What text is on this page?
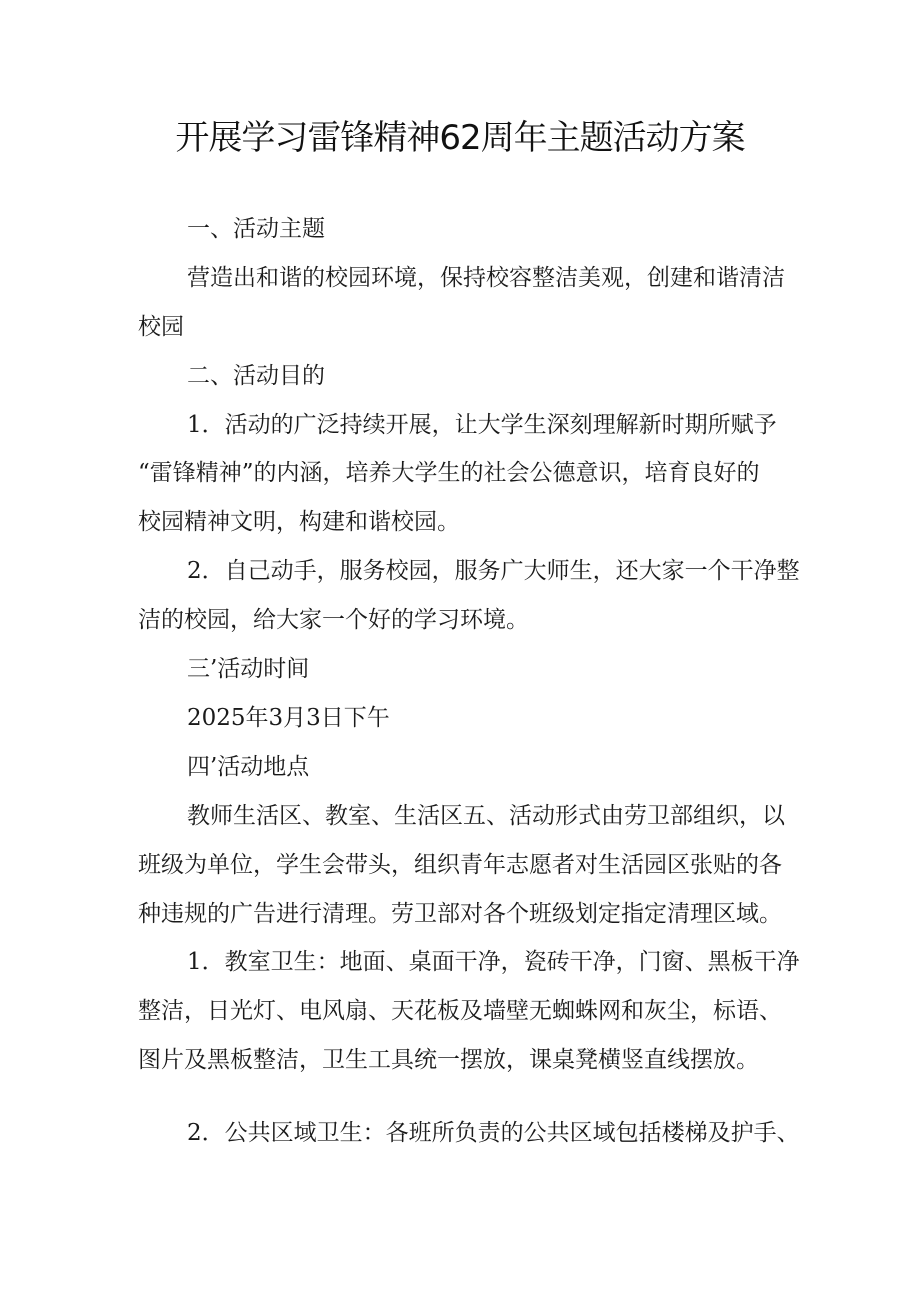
开展学习雷锋精神62周年主题活动方案
一、活动主题
营造出和谐的校园环境，保持校容整洁美观，创建和谐清洁
校园
二、活动目的
1．活动的广泛持续开展，让大学生深刻理解新时期所赋予
“雷锋精神”的内涵，培养大学生的社会公德意识，培育良好的
校园精神文明，构建和谐校园。
2．自己动手，服务校园，服务广大师生，还大家一个干净整
洁的校园，给大家一个好的学习环境。
三’活动时间
2025年3月3日下午
四’活动地点
教师生活区、教室、生活区五、活动形式由劳卫部组织，以
班级为单位，学生会带头，组织青年志愿者对生活园区张贴的各
种违规的广告进行清理。劳卫部对各个班级划定指定清理区域。
1．教室卫生：地面、桌面干净，瓷砖干净，门窗、黑板干净
整洁，日光灯、电风扇、天花板及墙壁无蜘蛛网和灰尘，标语、
图片及黑板整洁，卫生工具统一摆放，课桌凳横竖直线摆放。
2．公共区域卫生：各班所负责的公共区域包括楼梯及护手、
